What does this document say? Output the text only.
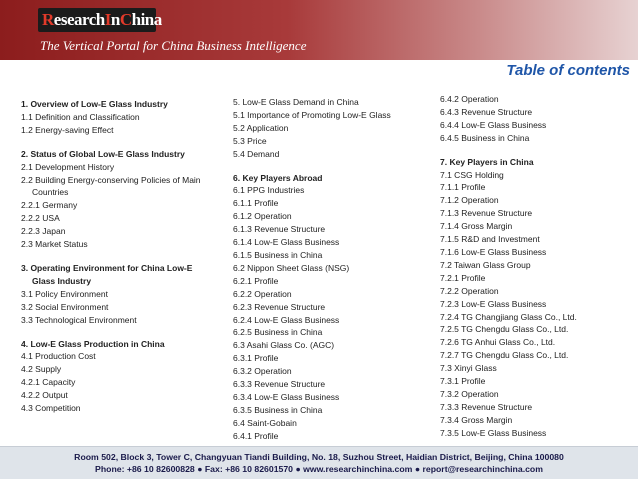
R esearch I n C hina
The Vertical Portal for China Business Intelligence
Table of contents
1. Overview of Low-E Glass Industry
1.1 Definition and Classification
1.2 Energy-saving Effect
2. Status of Global Low-E Glass Industry
2.1 Development History
2.2 Building Energy-conserving Policies of Main
Countries
2.2.1 Germany
2.2.2 USA
2.2.3 Japan
2.3 Market Status
3. Operating Environment for China Low-E
Glass Industry
3.1 Policy Environment
3.2 Social Environment
3.3 Technological Environment
4. Low-E Glass Production in China
4.1 Production Cost
4.2 Supply
4.2.1 Capacity
4.2.2 Output
4.3 Competition
5. Low-E Glass Demand in China
5.1 Importance of Promoting Low-E Glass
5.2 Application
5.3 Price
5.4 Demand
6. Key Players Abroad
6.1 PPG Industries
6.1.1 Profile
6.1.2 Operation
6.1.3 Revenue Structure
6.1.4 Low-E Glass Business
6.1.5 Business in China
6.2 Nippon Sheet Glass (NSG)
6.2.1 Profile
6.2.2 Operation
6.2.3 Revenue Structure
6.2.4 Low-E Glass Business
6.2.5 Business in China
6.3 Asahi Glass Co. (AGC)
6.3.1 Profile
6.3.2 Operation
6.3.3 Revenue Structure
6.3.4 Low-E Glass Business
6.3.5 Business in China
6.4 Saint-Gobain
6.4.1 Profile
6.4.2 Operation
6.4.3 Revenue Structure
6.4.4 Low-E Glass Business
6.4.5 Business in China
7. Key Players in China
7.1 CSG Holding
7.1.1 Profile
7.1.2 Operation
7.1.3 Revenue Structure
7.1.4 Gross Margin
7.1.5 R&D and Investment
7.1.6 Low-E Glass Business
7.2 Taiwan Glass Group
7.2.1 Profile
7.2.2 Operation
7.2.3 Low-E Glass Business
7.2.4 TG Changjiang Glass Co., Ltd.
7.2.5 TG Chengdu Glass Co., Ltd.
7.2.6 TG Anhui Glass Co., Ltd.
7.2.7 TG Chengdu Glass Co., Ltd.
7.3 Xinyi Glass
7.3.1 Profile
7.3.2 Operation
7.3.3 Revenue Structure
7.3.4 Gross Margin
7.3.5 Low-E Glass Business
Room 502, Block 3, Tower C, Changyuan Tiandi Building, No. 18, Suzhou Street, Haidian District, Beijing, China 100080
Phone: +86 10 82600828 ● Fax: +86 10 82601570 ● www.researchinchina.com ● report@researchinchina.com
